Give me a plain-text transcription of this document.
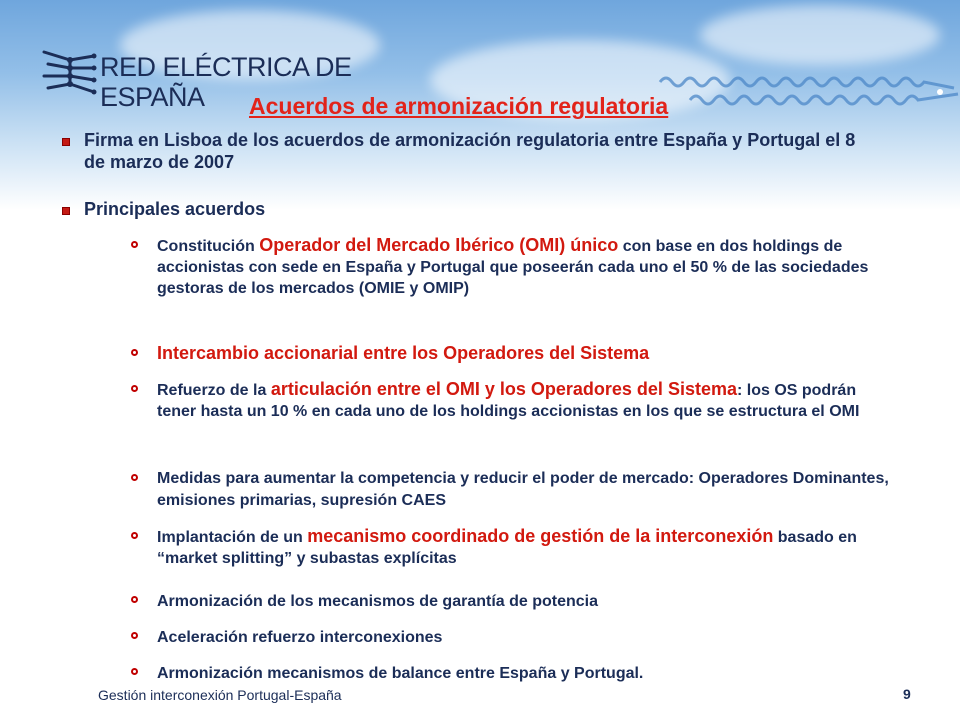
RED ELÉCTRICA DE
ESPAÑA	Acuerdos de armonización regulatoria
Firma en Lisboa de los acuerdos de armonización regulatoria entre España y Portugal el 8 de marzo de 2007
Principales acuerdos
Constitución Operador del Mercado Ibérico (OMI) único con base en dos holdings de accionistas con sede en España y Portugal que poseerán cada uno el 50 % de las sociedades gestoras de los mercados (OMIE y OMIP)
Intercambio accionarial entre los Operadores del Sistema
Refuerzo de la articulación entre el OMI y los Operadores del Sistema: los OS podrán tener hasta un 10 % en cada uno de los holdings accionistas en los que se estructura el OMI
Medidas para aumentar la competencia y reducir el poder de mercado: Operadores Dominantes, emisiones primarias, supresión CAES
Implantación de un mecanismo coordinado de gestión de la interconexión basado en “market splitting” y subastas explícitas
Armonización de los mecanismos de garantía de potencia
Aceleración refuerzo interconexiones
Armonización mecanismos de balance entre España y Portugal.
Gestión interconexión Portugal-España	9
